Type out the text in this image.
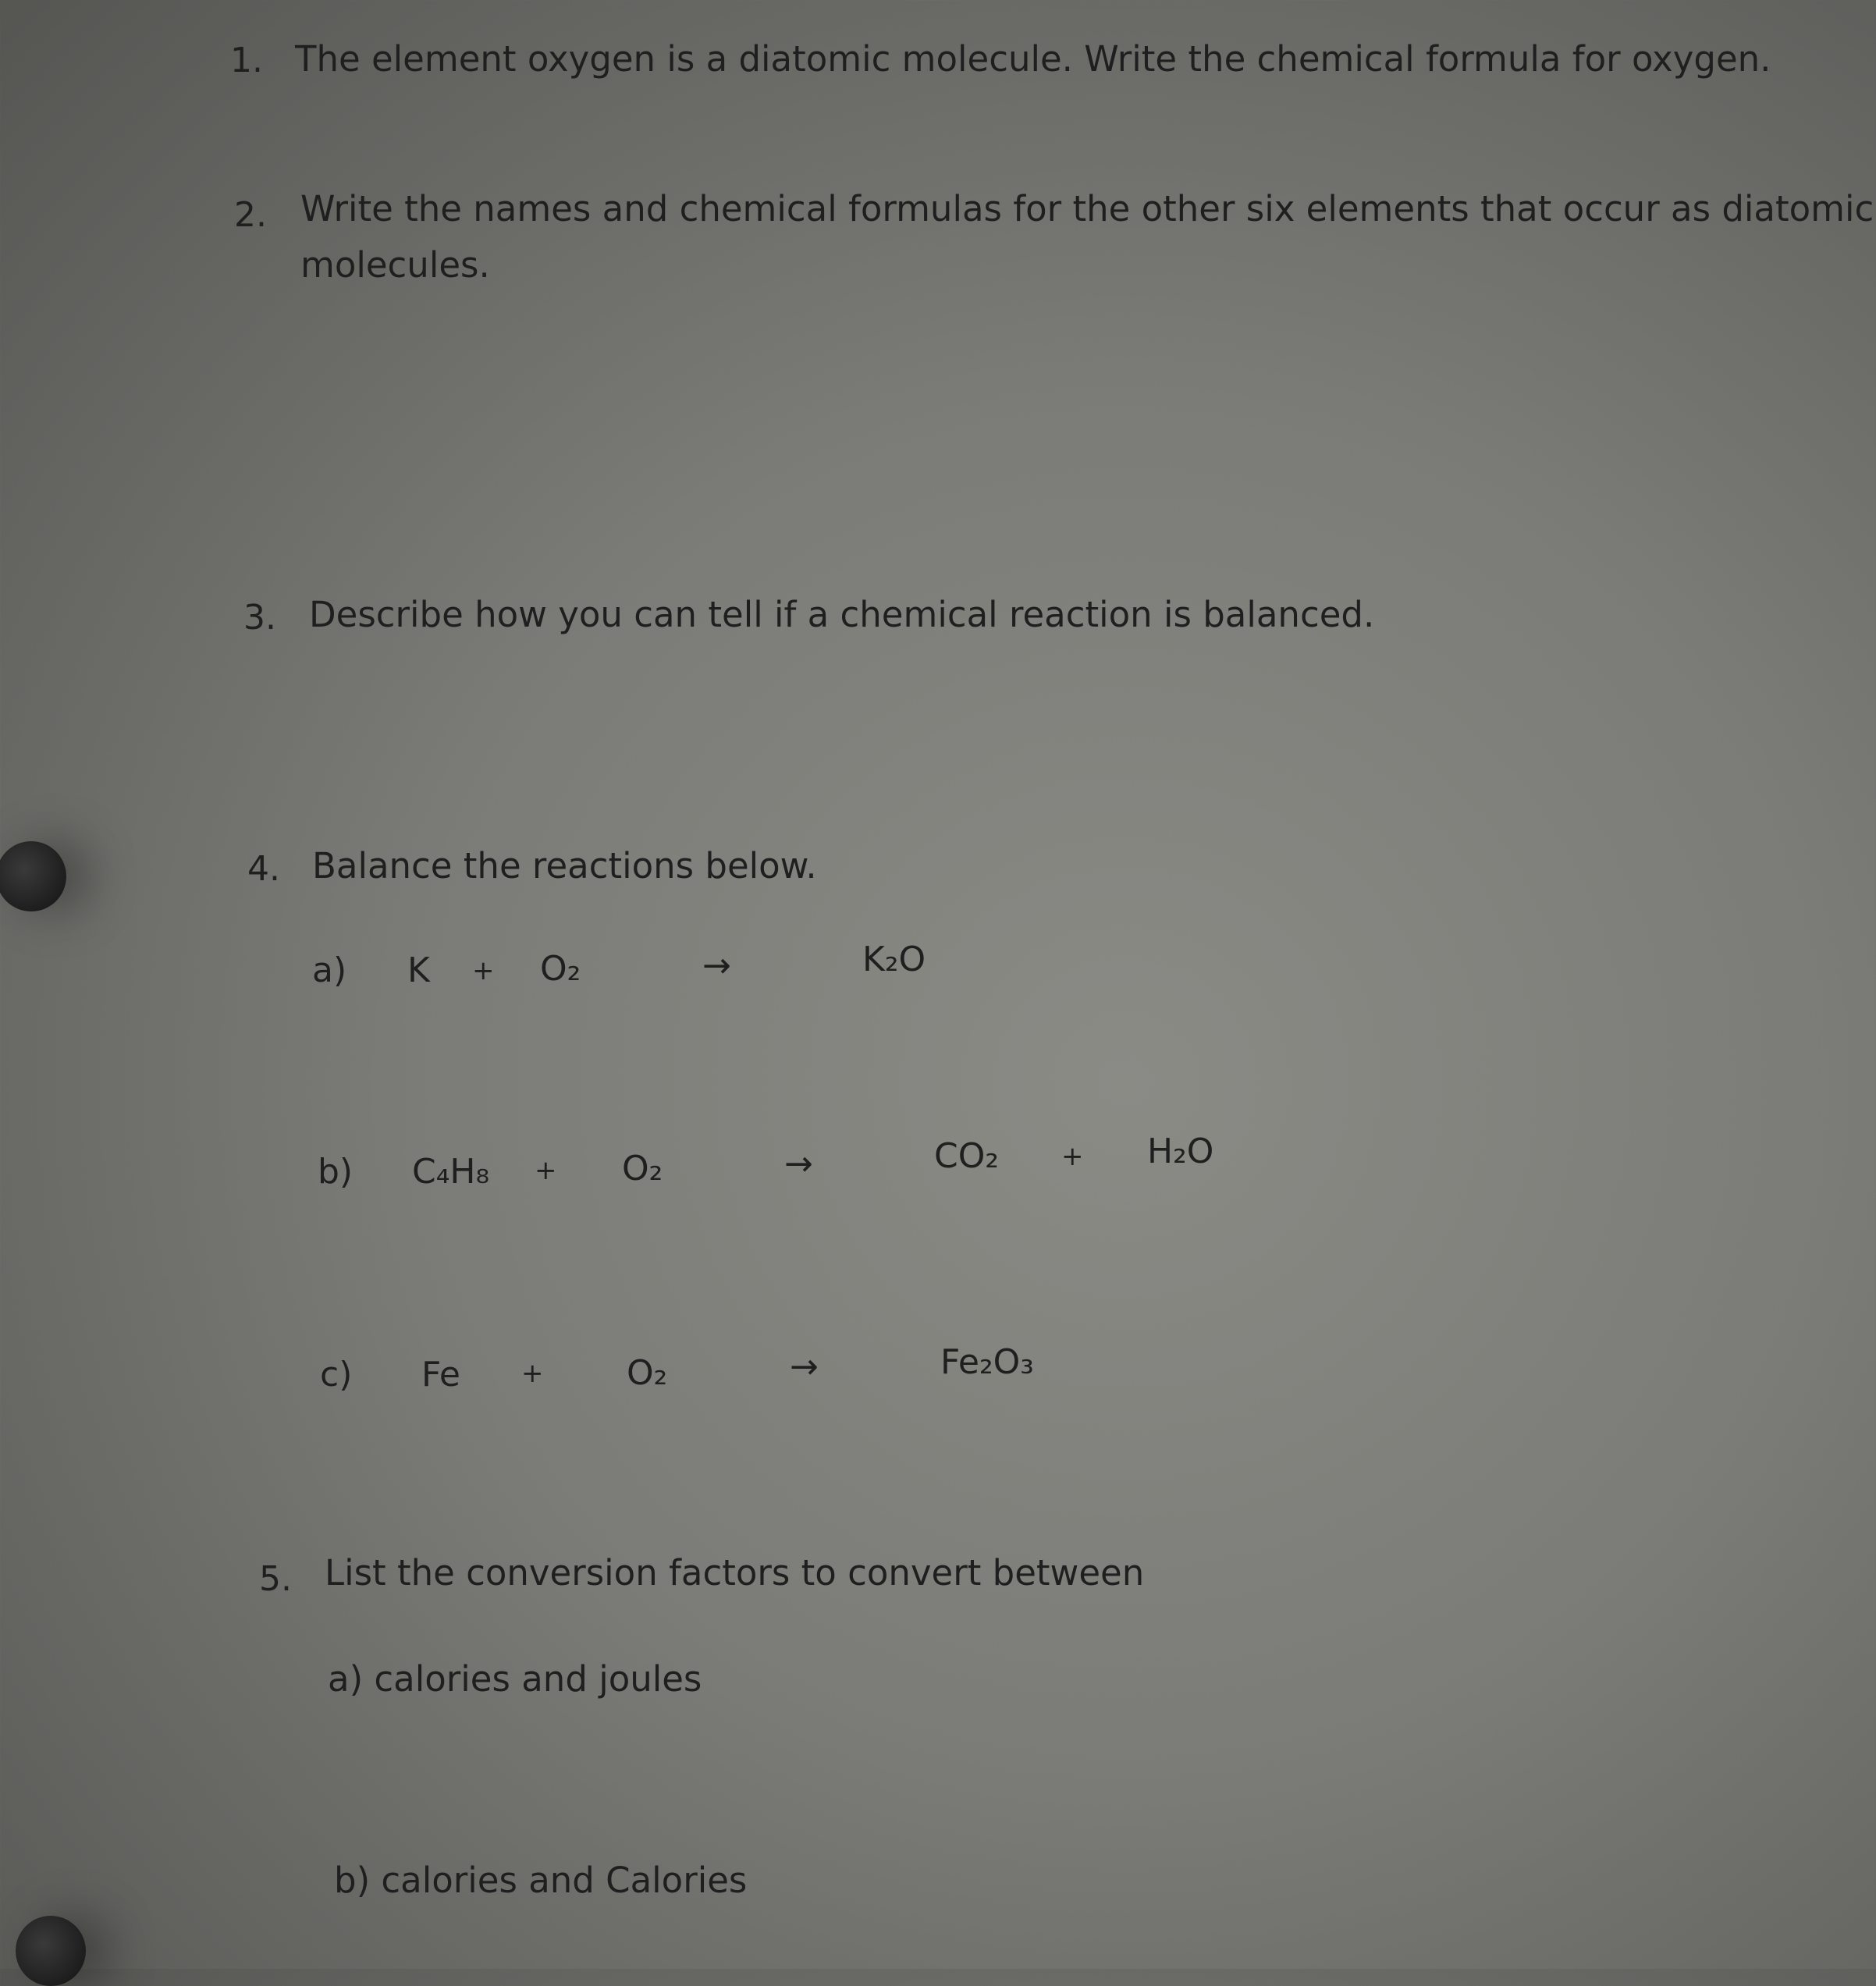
1. The element oxygen is a diatomic molecule. Write the chemical formula for oxygen.
2. Write the names and chemical formulas for the other six elements that occur as diatomic
molecules.
3. Describe how you can tell if a chemical reaction is balanced.
4. Balance the reactions below.
a) K + O₂	→	K₂O
b) C₄H₈ + O₂	→	CO₂ + H₂O
c) Fe + O₂	→	Fe₂O₃
5. List the conversion factors to convert between
a) calories and joules
b) calories and Calories
